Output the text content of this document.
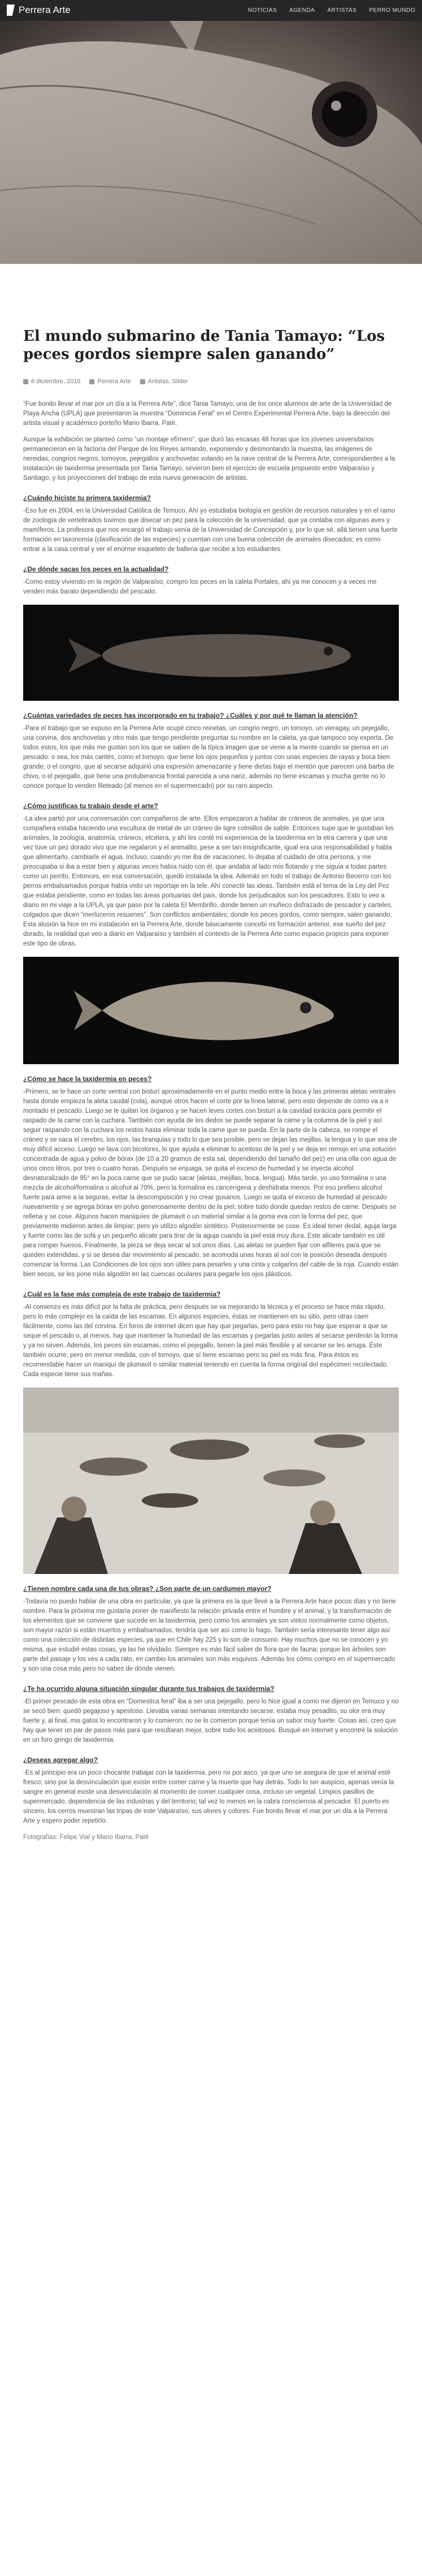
Perrera Arte	NOTICIAS AGENDA ARTISTAS PERRO MUNDO
El mundo submarino de Tania Tamayo: “Los peces gordos siempre salen ganando”
6 diciembre, 2016	Perrera Arte	Artistas, Slider

“Fue bonito llevar el mar por un día a la Perrera Arte”, dice Tania Tamayo, una de los once alumnos de arte de la Universidad de Playa Ancha (UPLA) que presentaron la muestra “Dominicia Feral” en el Centro Experimental Perrera Arte, bajo la dirección del artista visual y académico porteño Mario Ibarra. Paté.

Aunque la exhibición se planteó como “un montaje efímero”, que duró las escasas 48 horas que los jóvenes universitarios permanecieron en la factoría del Parque de los Reyes armando, exponiendo y desmontando la muestra, las imágenes de nereidas, congrios negros, tomoyos, pejegallos y anchovetas volando en la nave central de la Perrera Arte, correspondientes a la instalación de taxidermia presentada por Tania Tamayo, sirvieron bien el ejercicio de escuela propuesto entre Valparaíso y Santiago, y los proyecciones del trabajo de esta nueva generación de artistas.

¿Cuándo hiciste tu primera taxidermia?

-Eso fue en 2004, en la Universidad Católica de Temuco. Ahí yo estudiaba biología en gestión de recursos naturales y en el ramo de zoología de vertebrados tuvimos que disecar un pez para la colección de la universidad, que ya contaba con algunas aves y mamíferos. La profesora que nos encargó el trabajo venía de la Universidad de Concepción y, por lo que sé, allá tienen una fuerte formación en taxonomía (clasificación de las especies) y cuentan con una buena colección de animales disecados; es como entrar a la casa central y ver el enorme esqueleto de ballena que recibe a los estudiantes.

¿De dónde sacas los peces en la actualidad?

-Como estoy viviendo en la región de Valparaíso, compro los peces en la caleta Portales, ahí ya me conocen y a veces me venden más barato dependiendo del pescado.

¿Cuántas variedades de peces has incorporado en tu trabajo? ¿Cuáles y por qué te llaman la atención?

-Para el trabajo que se expuso en la Perrera Arte ocupé cinco reinetas, un congrio negro, un tomoyo, un vieragay, un pejegallo, una corvina, dos anchovetas y otro más que tengo pendiente preguntar su nombre en la caleta, ya que tampoco soy experta. De todos estos, los que más me gustan son los que se saben de la típica imagen que se viene a la mente cuando se piensa en un pescado: o sea, los más carités, como el tomoyo, que tiene los ojos pequeños y juntos con unas especies de rayas y boca bien grande; o el congrio, que al secarse adquirió una expresión amenazante y tiene dietas bajo el mentón que parecen una barba de chivo, o el pejegallo, que tiene una protuberancia frontal parecida a una nariz, además no tiene escamas y mucha gente no lo conoce porque lo venden fileteado (al menos en el supermercado) por su raro aspecto.

¿Cómo justificas tu trabajo desde el arte?

-La idea partió por una conversación con compañeros de arte. Ellos empezaron a hablar de cráneos de animales, ya que una compañera estaba haciendo una escultura de metal de un cráneo de tigre colmillos de sable. Entonces supe que le gustaban los animales, la zoología, anatomía, cráneos, etcétera, y ahí les conté mi experiencia de la taxidermia en la etra carrera y que una vez tuve un pez dorado vivo que me regalaron y el animalito, pese a ser tan insignificante, igual era una responsabilidad y habla que alimentarlo, cambiarle el agua. Incluso, cuando yo me iba de vacaciones, lo dejaba al cuidado de otra persona, y me preocupaba si iba a estar bien y algunas veces había ruido con él, que andaba al lado mío flotando y me siguía a todas partes como un perrito. Entonces, en esa conversación, quedó instalada la idea. Además en todo el trabajo de Antonio Becerro con los perros embalsamados porque había visto un reportaje en la tele. Ahí conecté las ideas. También está el tema de la Ley del Pez que estaba pendiente, como en todas las áreas portuarias del país, donde los perjudicados son los pescadores. Esto lo veo a diario en mi viaje a la UPLA, ya que paso por la caleta El Membrillo, donde tienen un muñeco disfrazado de pescador y carteles, colgados que dicen “merluceros resuenes”. Son conflictos ambientales; donde los peces gordos, como siempre, salen ganando. Esta alusión la hice en mi instalación en la Perrera Arte, donde básicamente concebí mi formación anterior, ese sueño del pez dorado, la realidad que veo a diario en Valparaíso y también el contexto de la Perrera Arte como espacio propicio para exponer este tipo de obras.

¿Cómo se hace la taxidermia en peces?

-Primero, se le hace un corte ventral con bisturí aproximadamente en el punto medio entre la boca y las primeras aletas ventrales hasta donde empieza la aleta caudal (cola), aunque otros hacen el corte por la línea lateral, pero esto depende de cómo va a ir montado el pescado. Luego se le quitan los órganos y se hacen leves cortes con bisturí a la cavidad torácica para permitir el raspado de la carne con la cuchara. También con ayuda de los dedos se puede separar la carne y la columna de la piel y así seguir raspando con la cuchara los restos hasta eliminar toda la carne que se pueda. En la parte de la cabeza, se rompe el cráneo y se saca el cerebro, los ojos, las branquias y todo lo que sea posible, pero se dejan las mejillas, la lengua y lo que sea de muy difícil acceso. Luego se lava con bicolores, lo que ayuda a eliminar lo aceitoso de la piel y se deja en remojo en una solución concentrada de agua y polvo de bórax (de 10 a 20 gramos de esta sal, dependiendo del tamaño del pez) en una olla con agua de unos cinco litros, por tres o cuatro horas. Después se enjuaga, se quita el exceso de humedad y se inyecta alcohol desnaturalizado de 95° en la poca carne que se pudo sacar (aletas, mejillas, boca, lengua). Más tarde, yo uso formalina o una mezcla de alcohol/formalina o alcohol al 70%, pero la formalina es cancerígena y deshidrata menos. Por eso prefiero alcohol fuerte para arme a la seguras, evitar la descomposición y no crear gusanos. Luego se quita el exceso de humedad al pescado nuevamente y se agrega bórax en polvo generosamente dentro de la piel; sobre todo donde quedan restos de carne. Después se rellena y se cose. Algunos hacen maniquíes de plumavit o un material similar a la goma eva con la forma del pez, que previamente midieron antes de limpiar; pero yo utilizo algodón sintético. Posteriormente se cose. Es ideal tener dedal, aguja larga y fuerte como las de sofá y un pequeño alicate para tirar de la aguja cuando la piel está muy dura. Este alicate también es útil para romper huesos. Finalmente, la pieza se deja secar al sol unos días. Las aletas se pueden fijar con alfileres para que se queden extendidas, y si se desea dar movimiento al pescado, se acomoda unas horas al sol con la posición deseada después comenzar la forma. Las Condiciones de los ojos son útiles para pesarles y una cinta y colgarlos del cable de la roja. Cuando están bien secos, se les pone más algodón en las cuencas oculares para pegarle los ojos plásticos.

¿Cuál es la fase más compleja de este trabajo de taxidermia?

-Al comienzo es más difícil por la falta de práctica, pero después se va mejorando la técnica y el proceso se hace más rápido, pero lo más complejo es la caída de las escamas. En algunos especies, éstas se mantienen en su sitio, pero otras caen fácilmente, como las del corvina. En foros de internet dicen que hay que pegarlas, pero para esto no hay que esperar a que se seque el pescado o, al menos, hay que mantener la humedad de las escamas y pegarlas justo antes al secarse perderán la forma y ya no sirven. Además, los peces sin escamas, como el pejegallo, tienen la piel más flexible y al secarse se les arruga. Éste también ocurre, pero en menor medida, con el tomoyo, que sí tiene escamas pero su piel es más fina. Para éstos es recomendable hacer un maniquí de plumavit o similar material teniendo en cuenta la forma original del espécimen recolectado. Cada especie tiene sus mañas.

¿Tienen nombre cada una de tus obras? ¿Son parte de un cardumen mayor?

-Todavía no puedo hablar de una obra en particular, ya que la primera es la que llevé a la Perrera Arte hace pocos días y no tiene nombre. Para la próxima me gustaría poner de manifiesto la relación privada entre el hombre y el animal, y la transformación de los elementos que se conviene que sucede en la taxidermia, pero como los animales ya son vistos normalmente como objetos, son mayor razón si están muertos y embalsamados, tendría que ser así como lo hago. También sería interesante tener algo así como una colección de distintas especies, ya que en Chile hay 225 y lo son de consumo. Hay muchos que no se conocen y yo misma, que estudié estas cosas, ya las he olvidado. Siempre es más fácil saber de flora que de fauna; porque los árboles son parte del paisaje y los ves a cada rato, en cambio los animales son más esquivos. Además los cómo compro en el supermercado y son una cosa más pero no sabes de dónde vienen.

¿Te ha ocurrido alguna situación singular durante tus trabajos de taxidermia?

-El primer pescado de esta obra en “Domestica feral” iba a ser una pejegallo, pero lo hice igual a como me dijeron en Temuco y no se secó bien: quedó pegajoso y apestoso. Llevaba varias semanas intentando secarse, estaba muy pesadito, su olor era muy fuerte y, al final, mis gatos lo encontraron y lo comieron; no se lo comieron porque tenía un sabor muy fuerte. Cosas así, creo que hay que tener un par de pasos más para que resultaran mejor, sobre todo los aceitosos. Busqué en internet y encontré la solución en un foro gringo de taxidermia.

¿Deseas agregar algo?

-Es al principio era un poco chocante trabajar con la taxidermia, pero no por asco, ya que uno se asegura de que el animal esté fresco; sino por la desvinculación que existe entre comer carne y la muerte que hay detrás. Todo lo ser auspicio, apenas venía la sangre en general existe una desvinculación al momento de comer cualquier cosa, incluso un vegetal. Limpios pasillos de supermercado, dependencia de las industrias y del territorio; tal vez lo menos en la cabra consciencia al pescador. El puerto es sincero, los cerros muestran las tripas de este Valparaíso, sus olores y colores. Fue bonito llevar el mar por un día a la Perrera Arte y espero poder repetirlo.

Fotografías: Felipe Vial y Mario Ibarra, Paté
